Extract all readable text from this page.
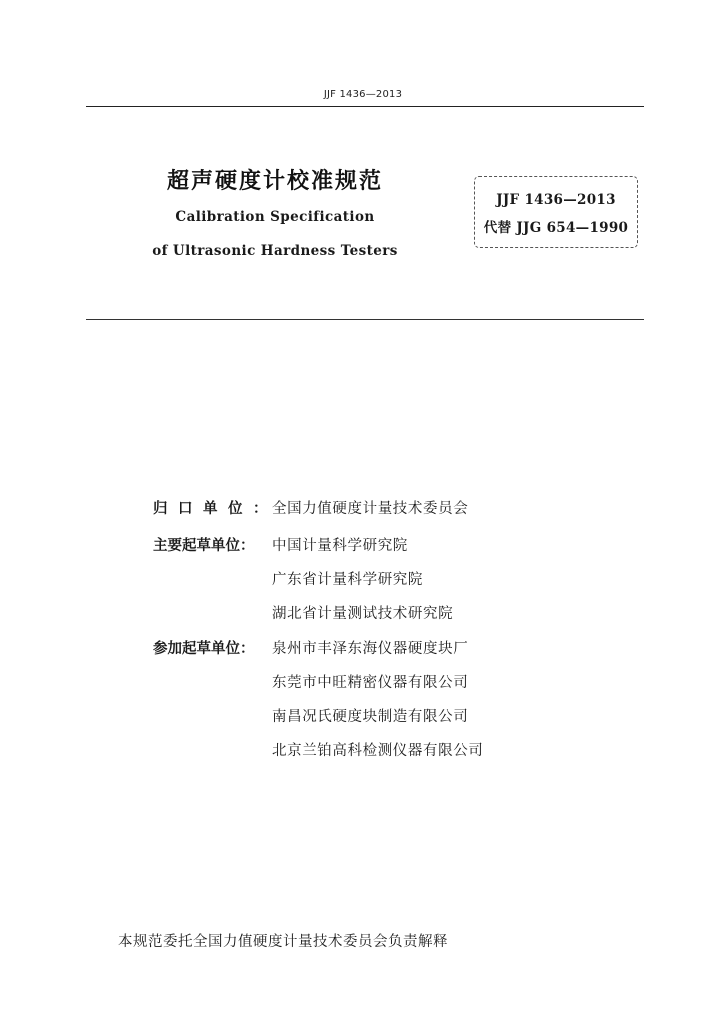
JJF 1436—2013
超声硬度计校准规范
Calibration Specification
of Ultrasonic Hardness Testers
JJF 1436—2013
代替 JJG 654—1990
归口单位：
全国力值硬度计量技术委员会
主要起草单位：	中国计量科学研究院
广东省计量科学研究院
湖北省计量测试技术研究院
参加起草单位：	泉州市丰泽东海仪器硬度块厂
东莞市中旺精密仪器有限公司
南昌况氏硬度块制造有限公司
北京兰铂高科检测仪器有限公司
本规范委托全国力值硬度计量技术委员会负责解释
